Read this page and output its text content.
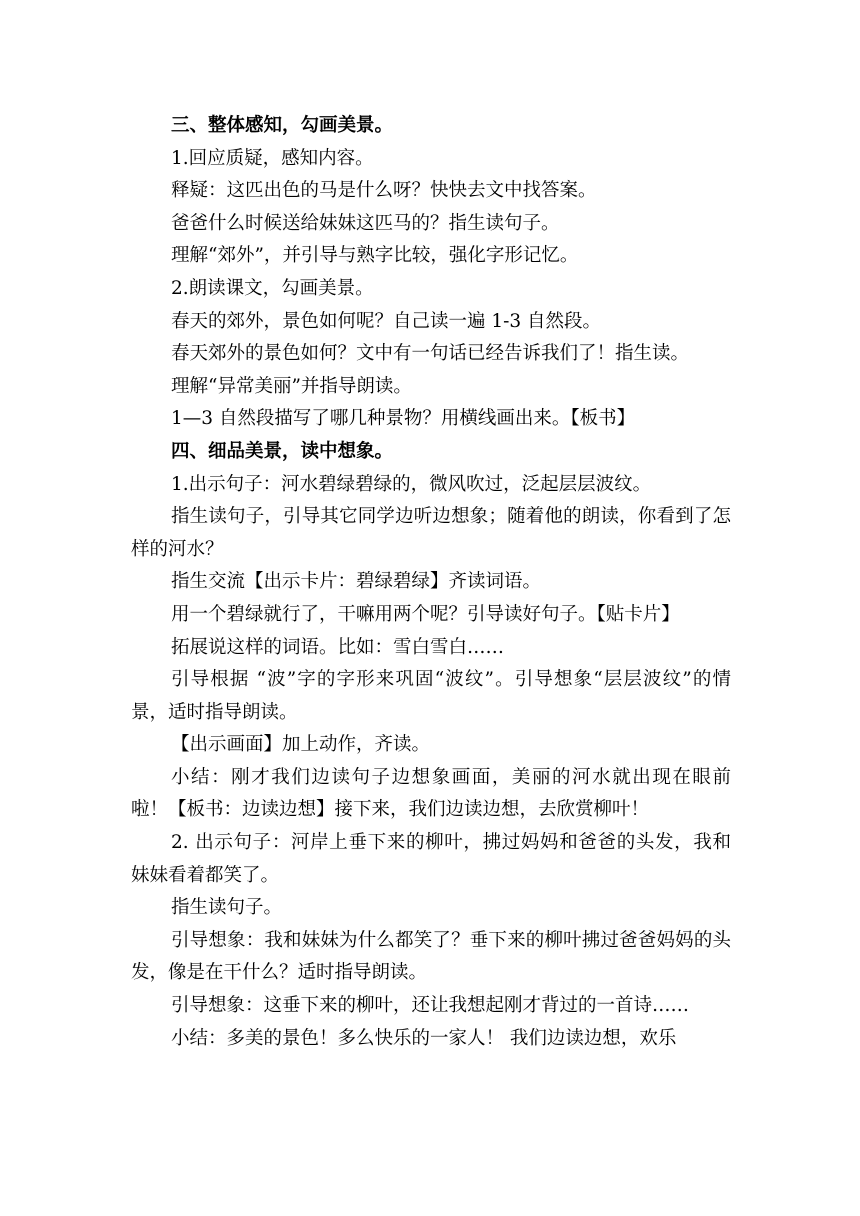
三、整体感知，勾画美景。

1.回应质疑，感知内容。

释疑：这匹出色的马是什么呀？快快去文中找答案。

爸爸什么时候送给妹妹这匹马的？指生读句子。

理解“郊外”，并引导与熟字比较，强化字形记忆。

2.朗读课文，勾画美景。

春天的郊外，景色如何呢？自己读一遍 1-3 自然段。

春天郊外的景色如何？文中有一句话已经告诉我们了！指生读。

理解“异常美丽”并指导朗读。

1—3 自然段描写了哪几种景物？用横线画出来。【板书】

四、细品美景，读中想象。

1.出示句子：河水碧绿碧绿的，微风吹过，泛起层层波纹。

指生读句子，引导其它同学边听边想象；随着他的朗读，你看到了怎样的河水？

指生交流【出示卡片：碧绿碧绿】齐读词语。

用一个碧绿就行了，干嘛用两个呢？引导读好句子。【贴卡片】

拓展说这样的词语。比如：雪白雪白……

引导根据 “波”字的字形来巩固“波纹”。引导想象“层层波纹”的情景，适时指导朗读。

【出示画面】加上动作，齐读。

小结：刚才我们边读句子边想象画面，美丽的河水就出现在眼前 啦！【板书：边读边想】接下来，我们边读边想，去欣赏柳叶！

2. 出示句子：河岸上垂下来的柳叶，拂过妈妈和爸爸的头发，我和妹妹看着都笑了。

指生读句子。

引导想象：我和妹妹为什么都笑了？垂下来的柳叶拂过爸爸妈妈的头发，像是在干什么？适时指导朗读。

引导想象：这垂下来的柳叶，还让我想起刚才背过的一首诗……

小结：多美的景色！多么快乐的一家人！ 我们边读边想，欢乐
